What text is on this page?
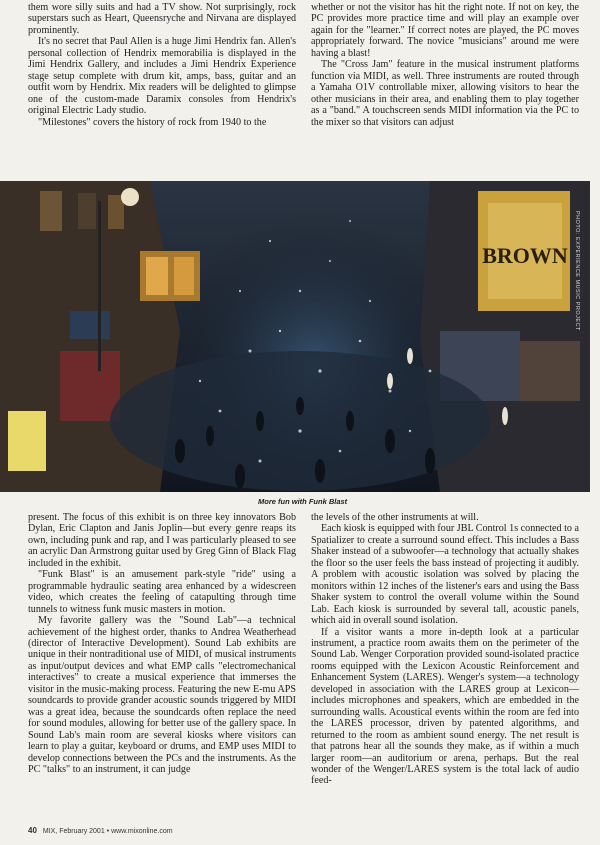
them wore silly suits and had a TV show. Not surprisingly, rock superstars such as Heart, Queensryche and Nirvana are displayed prominently.

It's no secret that Paul Allen is a huge Jimi Hendrix fan. Allen's personal collection of Hendrix memorabilia is displayed in the Jimi Hendrix Gallery, and includes a Jimi Hendrix Experience stage setup complete with drum kit, amps, bass, guitar and an outfit worn by Hendrix. Mix readers will be delighted to glimpse one of the custom-made Daramix consoles from Hendrix's original Electric Lady studio.

"Milestones" covers the history of rock from 1940 to the

whether or not the visitor has hit the right note. If not on key, the PC provides more practice time and will play an example over again for the "learner." If correct notes are played, the PC moves appropriately forward. The novice "musicians" around me were having a blast!

The "Cross Jam" feature in the musical instrument platforms function via MIDI, as well. Three instruments are routed through a Yamaha O1V controllable mixer, allowing visitors to hear the other musicians in their area, and enabling them to play together as a "band." A touchscreen sends MIDI information via the PC to the mixer so that visitors can adjust

BROWN PHOTO: EXPERIENCE MUSIC PROJECT
More fun with Funk Blast

present. The focus of this exhibit is on three key innovators Bob Dylan, Eric Clapton and Janis Joplin—but every genre reaps its own, including punk and rap, and I was particularly pleased to see an acrylic Dan Armstrong guitar used by Greg Ginn of Black Flag included in the exhibit.

"Funk Blast" is an amusement park-style "ride" using a programmable hydraulic seating area enhanced by a widescreen video, which creates the feeling of catapulting through time tunnels to witness funk music masters in motion.

My favorite gallery was the "Sound Lab"—a technical achievement of the highest order, thanks to Andrea Weatherhead (director of Interactive Development). Sound Lab exhibits are unique in their nontraditional use of MIDI, of musical instruments as input/output devices and what EMP calls "electromechanical interactives" to create a musical experience that immerses the visitor in the music-making process. Featuring the new E-mu APS soundcards to provide grander acoustic sounds triggered by MIDI was a great idea, because the soundcards often replace the need for sound modules, allowing for better use of the gallery space. In Sound Lab's main room are several kiosks where visitors can learn to play a guitar, keyboard or drums, and EMP uses MIDI to develop connections between the PCs and the instruments. As the PC "talks" to an instrument, it can judge

the levels of the other instruments at will.

Each kiosk is equipped with four JBL Control 1s connected to a Spatializer to create a surround sound effect. This includes a Bass Shaker instead of a subwoofer—a technology that actually shakes the floor so the user feels the bass instead of projecting it audibly. A problem with acoustic isolation was solved by placing the monitors within 12 inches of the listener's ears and using the Bass Shaker system to control the overall volume within the Sound Lab. Each kiosk is surrounded by several tall, acoustic panels, which aid in overall sound isolation.

If a visitor wants a more in-depth look at a particular instrument, a practice room awaits them on the perimeter of the Sound Lab. Wenger Corporation provided sound-isolated practice rooms equipped with the Lexicon Acoustic Reinforcement and Enhancement System (LARES). Wenger's system—a technology developed in association with the LARES group at Lexicon—includes microphones and speakers, which are embedded in the surrounding walls. Acoustical events within the room are fed into the LARES processor, driven by patented algorithms, and returned to the room as ambient sound energy. The net result is that patrons hear all the sounds they make, as if within a much larger room—an auditorium or arena, perhaps. But the real wonder of the Wenger/LARES system is the total lack of audio feed-

40 MIX, February 2001 • www.mixonline.com
